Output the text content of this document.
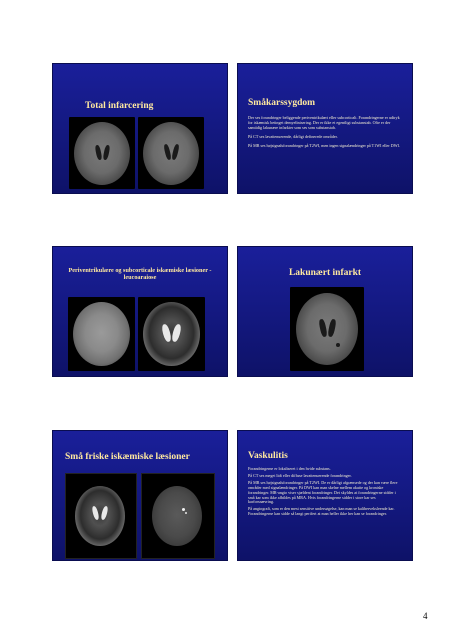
Total infarcering	Småkarssygdom

Der ses forandringer beliggende periventrikulært eller subcorticalt. Forandringerne er udtryk for iskæmisk betinget demyelinisering. Der er ikke et egentligt substanstab. Ofte er der samtidig lakunære infarkter som ses som substanstab.

På CT ses lavattenuerende, dårligt definerede områder.

På MR ses højsignalsforandringer på T2WI, men ingen signalændringer på T1WI eller DWI.

Periventrikulære og subcorticale iskæmiske læsioner - leucoaraiose	Lakunært infarkt
Små friske iskæmiske læsioner
	Vaskulitis

Forandringerne er lokaliseret i den hvide substans.

På CT ses meget lidt eller diffuse lavattenuerende forandringer.

På MR ses højsignalsforandringer på T2WI. De er dårligt afgrænsede og der kan være flere områder med signalændringer. På DWI kan man skelne mellem akutte og kroniske forandringer. MR-angio viser sjældent forandringer. Det skyldes at forandringerne sidder i små kar som ikke afbildes på MRA. Hvis forandringerne sidder i store kar ses karforsnævring.

På angiografi, som er den mest sensitive undersøgelse, kan man se kaliberveksleende kar. Forandringerne kan sidde så langt perifert at man heller ikke her kan se forandringer.

4
